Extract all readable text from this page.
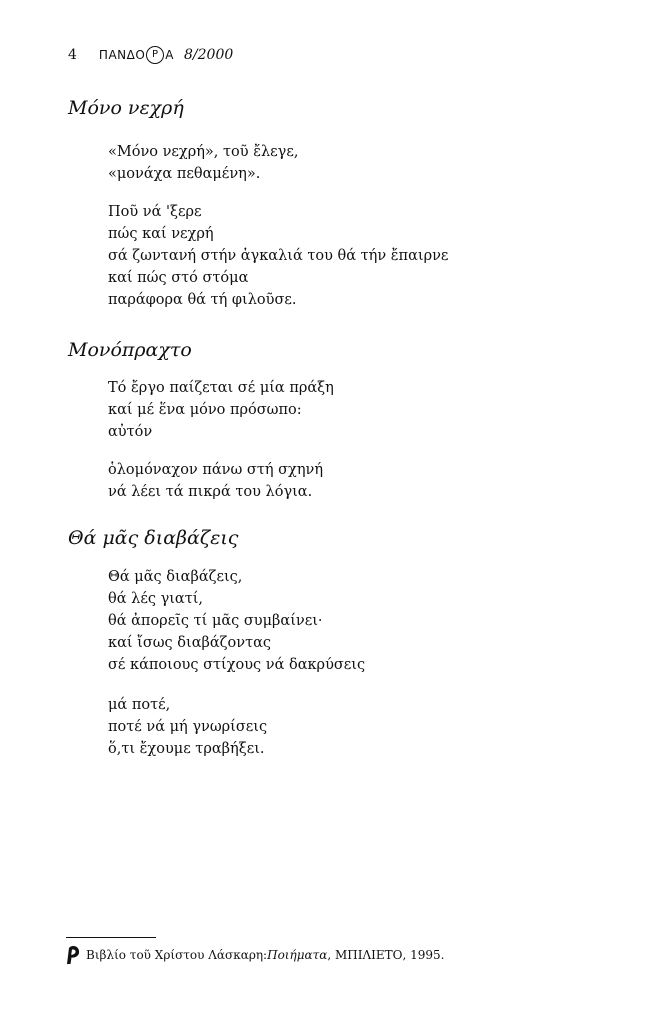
4 ΠΑΝΔΟ Ρ Α 8/2000
Μόνο νεχρή
«Μόνο νεχρή», τοῦ ἔλεγε,
«μονάχα πεθαμένη».
Ποῦ νά 'ξερε
πώς καί νεχρή
σά ζωντανή στήν ἀγκαλιά του θά τήν ἔπαιρνε
καί πώς στό στόμα
παράφορα θά τή φιλοῦσε.
Μονόπραχτο
Τό ἔργο παίζεται σέ μία πράξη
καί μέ ἕνα μόνο πρόσωπο:
αὐτόν
ὁλομόναχον πάνω στή σχηνή
νά λέει τά πικρά του λόγια.
Θά μᾶς διαβάζεις
Θά μᾶς διαβάζεις,
θά λές γιατί,
θά ἀπορεῖς τί μᾶς συμβαίνει·
καί ἴσως διαβάζοντας
σέ κάποιους στίχους νά δακρύσεις
μά ποτέ,
ποτέ νά μή γνωρίσεις
ὅ,τι ἔχουμε τραβήξει.
Βιβλίο τοῦ Χρίστου Λάσκαρη: Ποιήματα , ΜΠΙΛΙΕΤΟ, 1995.
